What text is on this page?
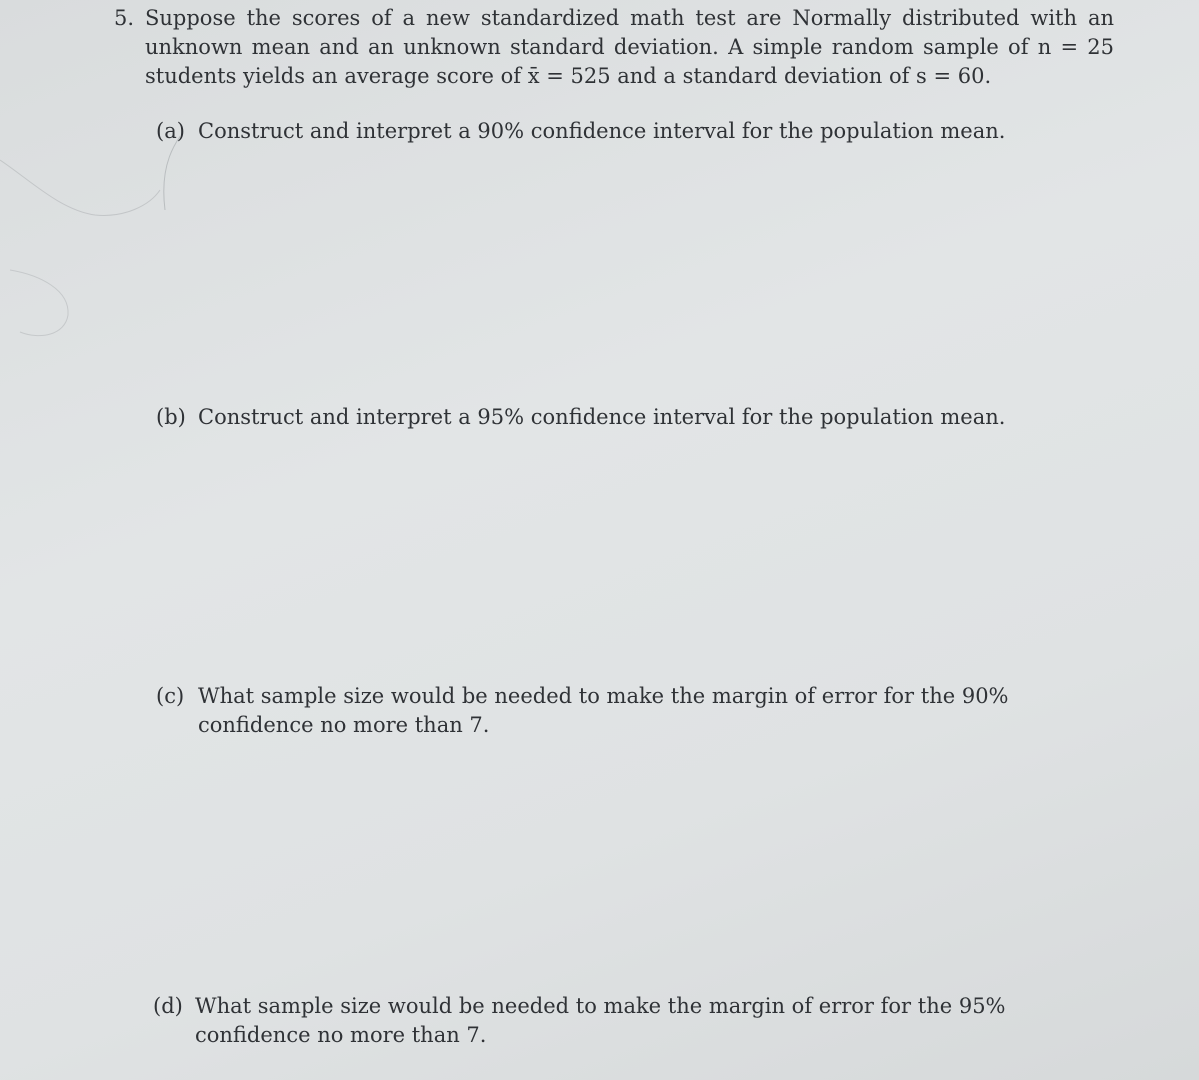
5. Suppose the scores of a new standardized math test are Normally distributed with an unknown mean and an unknown standard deviation. A simple random sample of n = 25 students yields an average score of x̄ = 525 and a standard deviation of s = 60.
(a) Construct and interpret a 90% confidence interval for the population mean.
(b) Construct and interpret a 95% confidence interval for the population mean.
(c) What sample size would be needed to make the margin of error for the 90% confidence no more than 7.
(d) What sample size would be needed to make the margin of error for the 95% confidence no more than 7.
